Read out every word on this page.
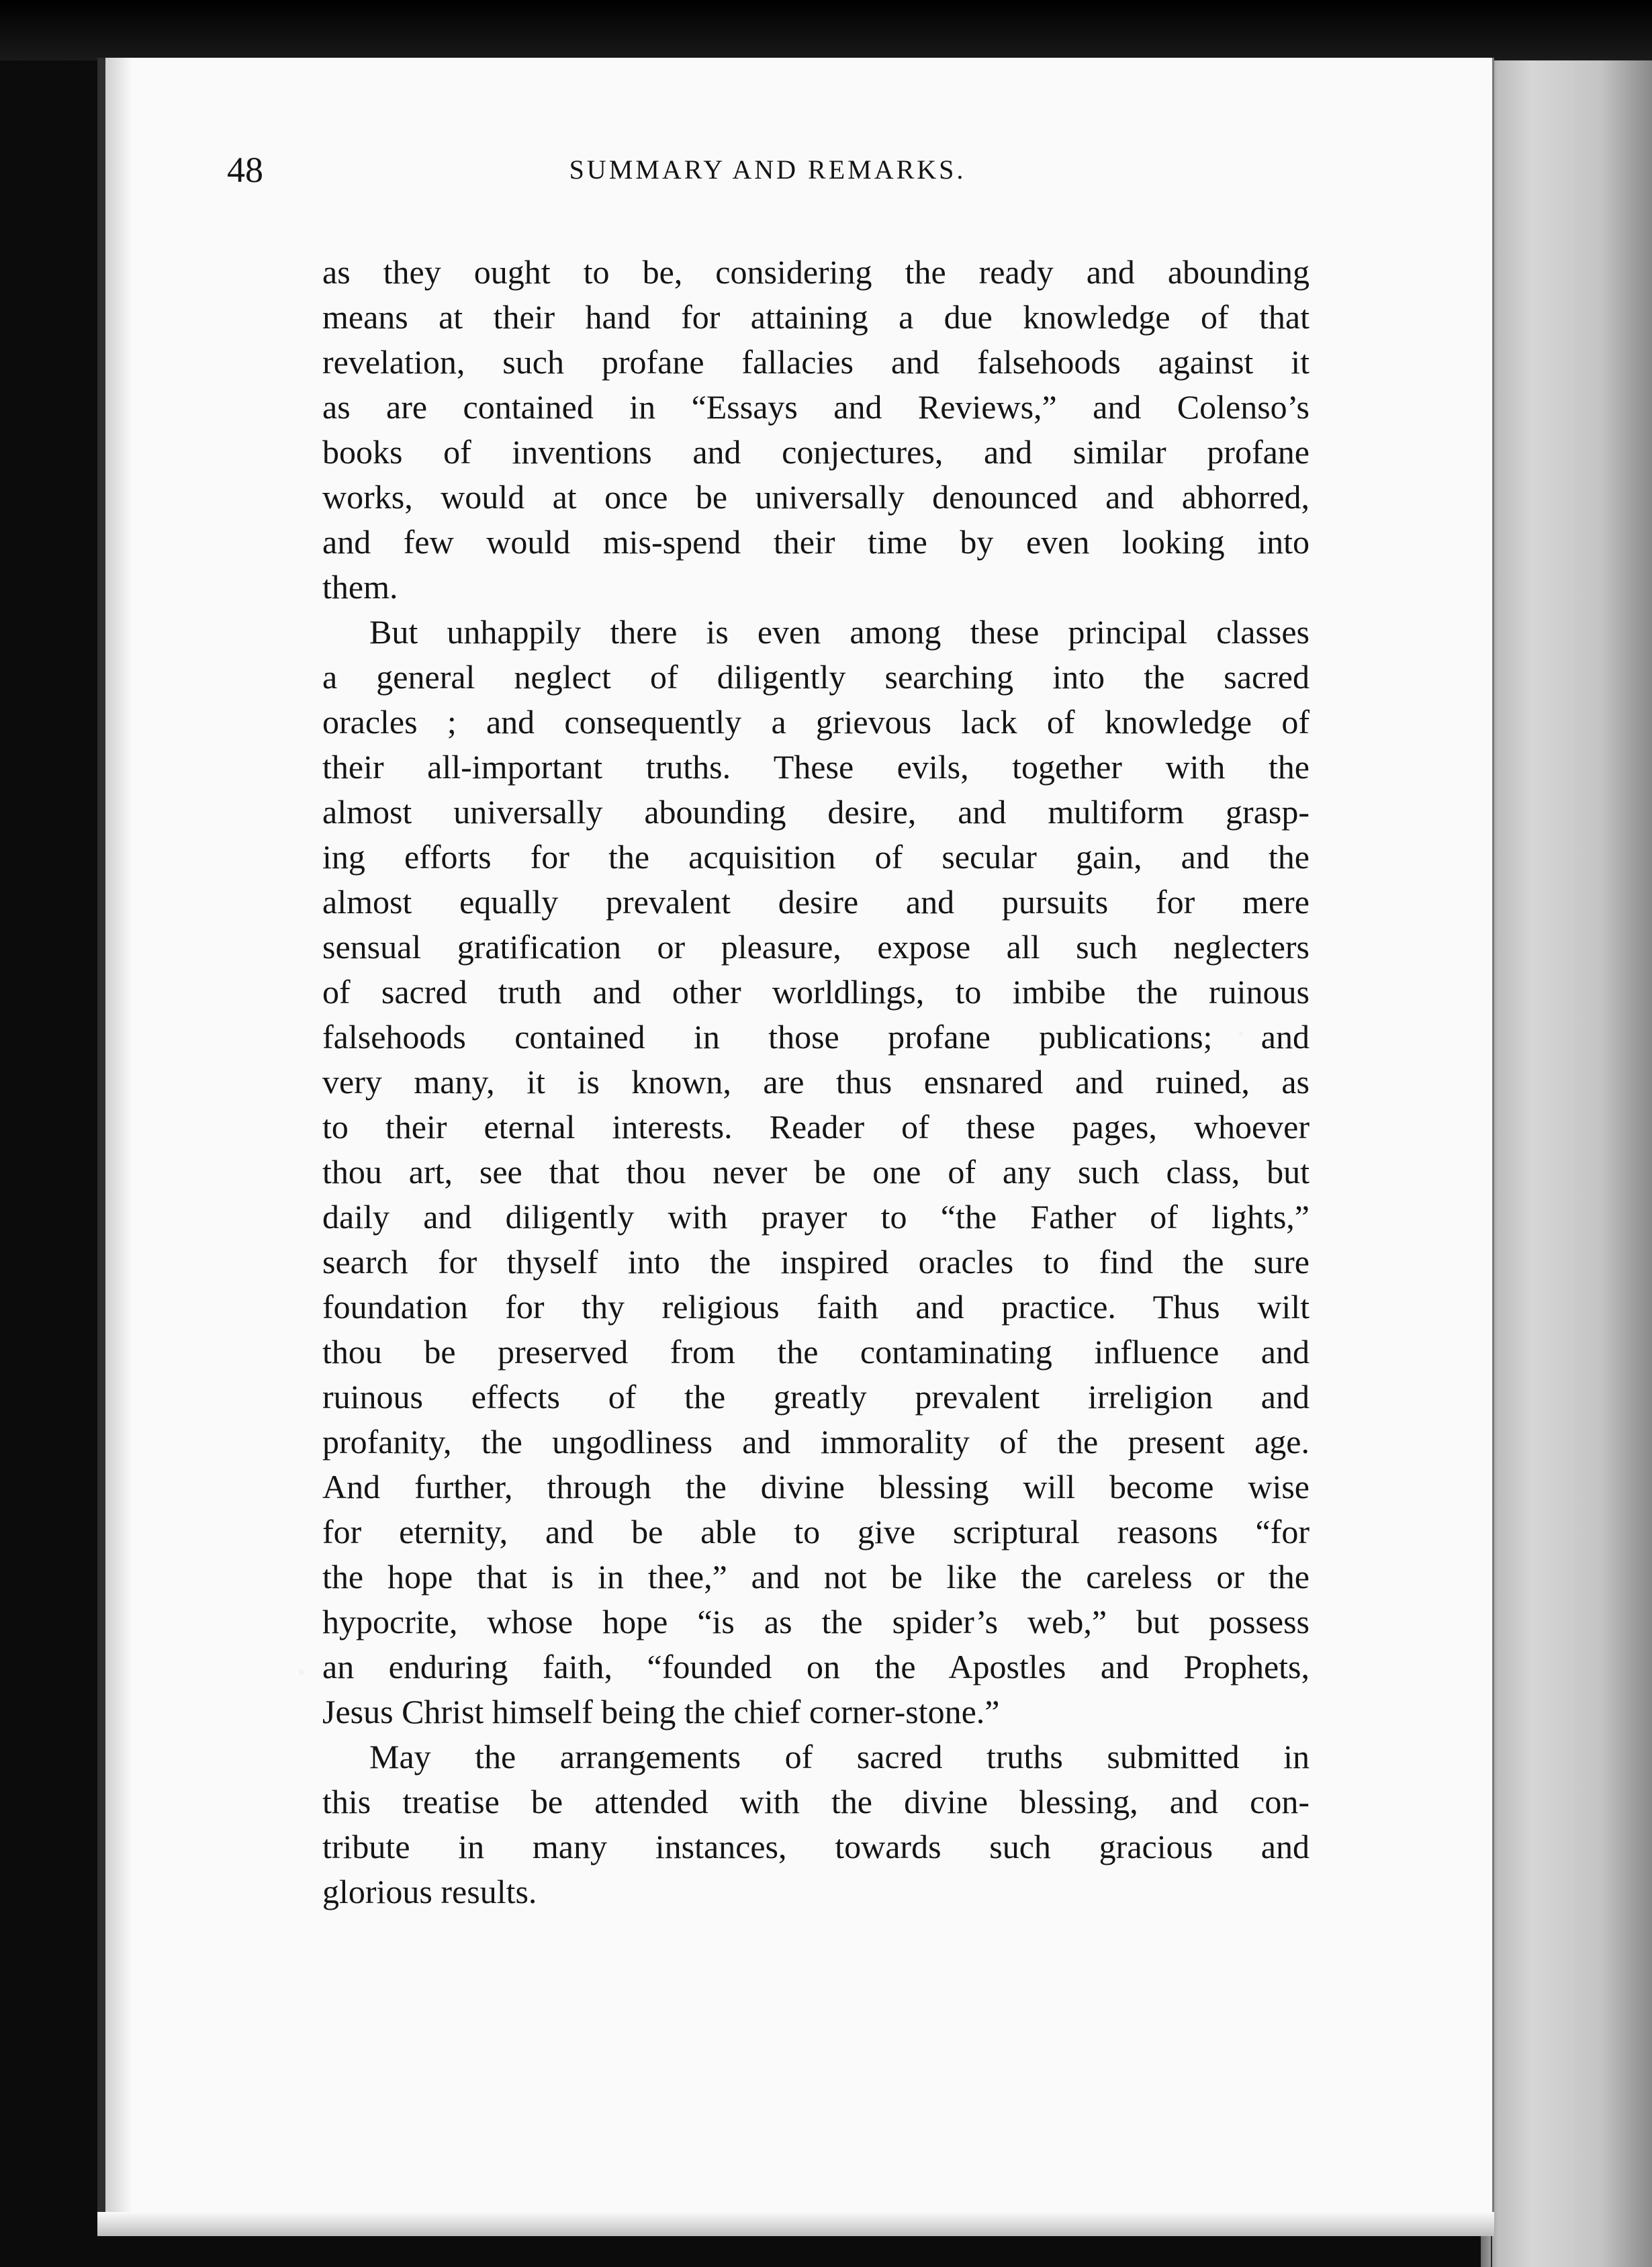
48	SUMMARY AND REMARKS.
as they ought to be, considering the ready and abounding
means at their hand for attaining a due knowledge of that
revelation, such profane fallacies and falsehoods against it
as are contained in “Essays and Reviews,” and Colenso’s
books of inventions and conjectures, and similar profane
works, would at once be universally denounced and abhorred,
and few would mis-spend their time by even looking into
them.
But unhappily there is even among these principal classes
a general neglect of diligently searching into the sacred
oracles ; and consequently a grievous lack of knowledge of
their all-important truths. These evils, together with the
almost universally abounding desire, and multiform grasp-
ing efforts for the acquisition of secular gain, and the
almost equally prevalent desire and pursuits for mere
sensual gratification or pleasure, expose all such neglecters
of sacred truth and other worldlings, to imbibe the ruinous
falsehoods contained in those profane publications; and
very many, it is known, are thus ensnared and ruined, as
to their eternal interests. Reader of these pages, whoever
thou art, see that thou never be one of any such class, but
daily and diligently with prayer to “the Father of lights,”
search for thyself into the inspired oracles to find the sure
foundation for thy religious faith and practice. Thus wilt
thou be preserved from the contaminating influence and
ruinous effects of the greatly prevalent irreligion and
profanity, the ungodliness and immorality of the present age.
And further, through the divine blessing will become wise
for eternity, and be able to give scriptural reasons “for
the hope that is in thee,” and not be like the careless or the
hypocrite, whose hope “is as the spider’s web,” but possess
an enduring faith, “founded on the Apostles and Prophets,
Jesus Christ himself being the chief corner-stone.”
May the arrangements of sacred truths submitted in
this treatise be attended with the divine blessing, and con-
tribute in many instances, towards such gracious and
glorious results.
